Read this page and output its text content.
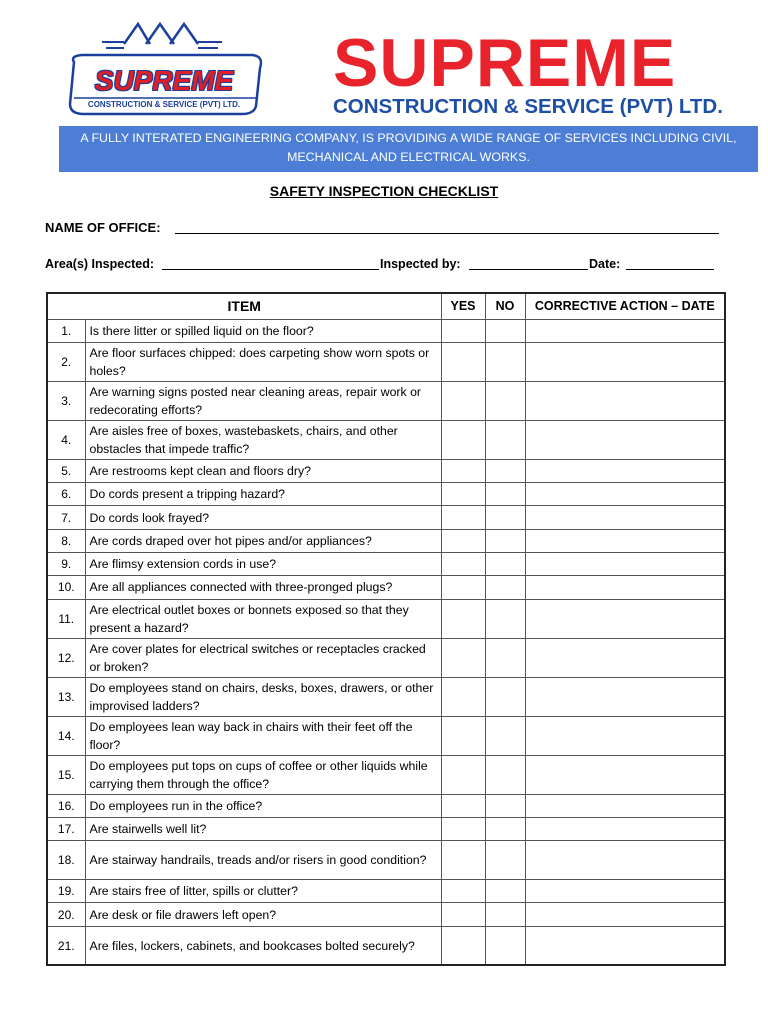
SUPREME
CONSTRUCTION & SERVICE (PVT) LTD.
SUPREME
CONSTRUCTION & SERVICE (PVT) LTD.
A FULLY INTERATED ENGINEERING COMPANY, IS PROVIDING A WIDE RANGE OF SERVICES INCLUDING CIVIL,
MECHANICAL AND ELECTRICAL WORKS.
SAFETY INSPECTION CHECKLIST
NAME OF OFFICE:
Area(s) Inspected:	Inspected by:	Date:
ITEM		YES	NO	CORRECTIVE ACTION – DATE
1.	Is there litter or spilled liquid on the floor?			
2.	Are floor surfaces chipped: does carpeting show worn spots or holes?			
3.	Are warning signs posted near cleaning areas, repair work or redecorating efforts?			
4.	Are aisles free of boxes, wastebaskets, chairs, and other obstacles that impede traffic?			
5.	Are restrooms kept clean and floors dry?			
6.	Do cords present a tripping hazard?			
7.	Do cords look frayed?			
8.	Are cords draped over hot pipes and/or appliances?			
9.	Are flimsy extension cords in use?			
10.	Are all appliances connected with three-pronged plugs?			
11.	Are electrical outlet boxes or bonnets exposed so that they present a hazard?			
12.	Are cover plates for electrical switches or receptacles cracked or broken?			
13.	Do employees stand on chairs, desks, boxes, drawers, or other improvised ladders?			
14.	Do employees lean way back in chairs with their feet off the floor?			
15.	Do employees put tops on cups of coffee or other liquids while carrying them through the office?			
16.	Do employees run in the office?			
17.	Are stairwells well lit?			
18.	Are stairway handrails, treads and/or risers in good condition?			
19.	Are stairs free of litter, spills or clutter?			
20.	Are desk or file drawers left open?			
21.	Are files, lockers, cabinets, and bookcases bolted securely?			
